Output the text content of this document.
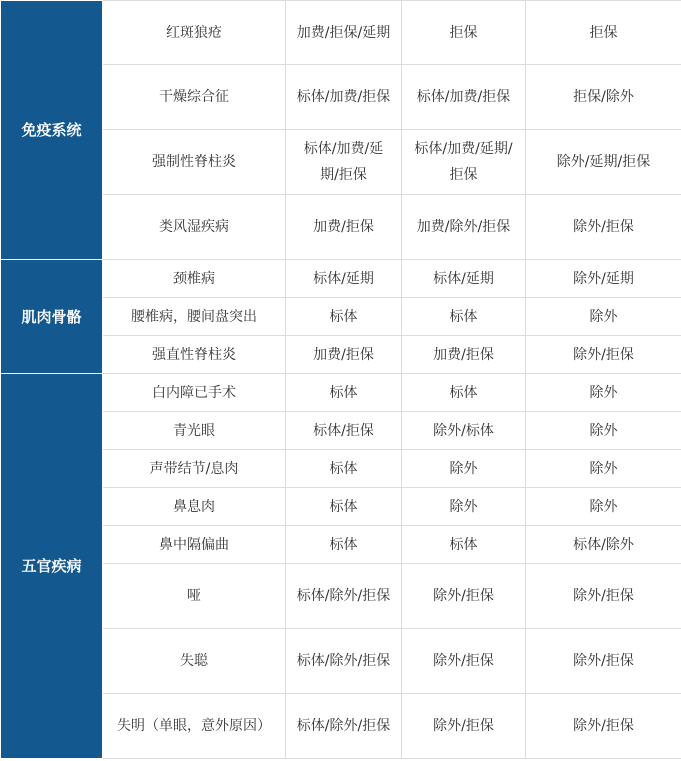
免疫系统	红斑狼疮	加费/拒保/延期	拒保	拒保
	干燥综合征	标体/加费/拒保	标体/加费/拒保	拒保/除外
	强制性脊柱炎	标体/加费/延期/拒保	标体/加费/延期/拒保	除外/延期/拒保
	类风湿疾病	加费/拒保	加费/除外/拒保	除外/拒保
肌肉骨骼	颈椎病	标体/延期	标体/延期	除外/延期
	腰椎病，腰间盘突出	标体	标体	除外
	强直性脊柱炎	加费/拒保	加费/拒保	除外/拒保
五官疾病	白内障已手术	标体	标体	除外
	青光眼	标体/拒保	除外/标体	除外
	声带结节/息肉	标体	除外	除外
	鼻息肉	标体	除外	除外
	鼻中隔偏曲	标体	标体	标体/除外
	哑	标体/除外/拒保	除外/拒保	除外/拒保
	失聪	标体/除外/拒保	除外/拒保	除外/拒保
	失明（单眼，意外原因）	标体/除外/拒保	除外/拒保	除外/拒保
